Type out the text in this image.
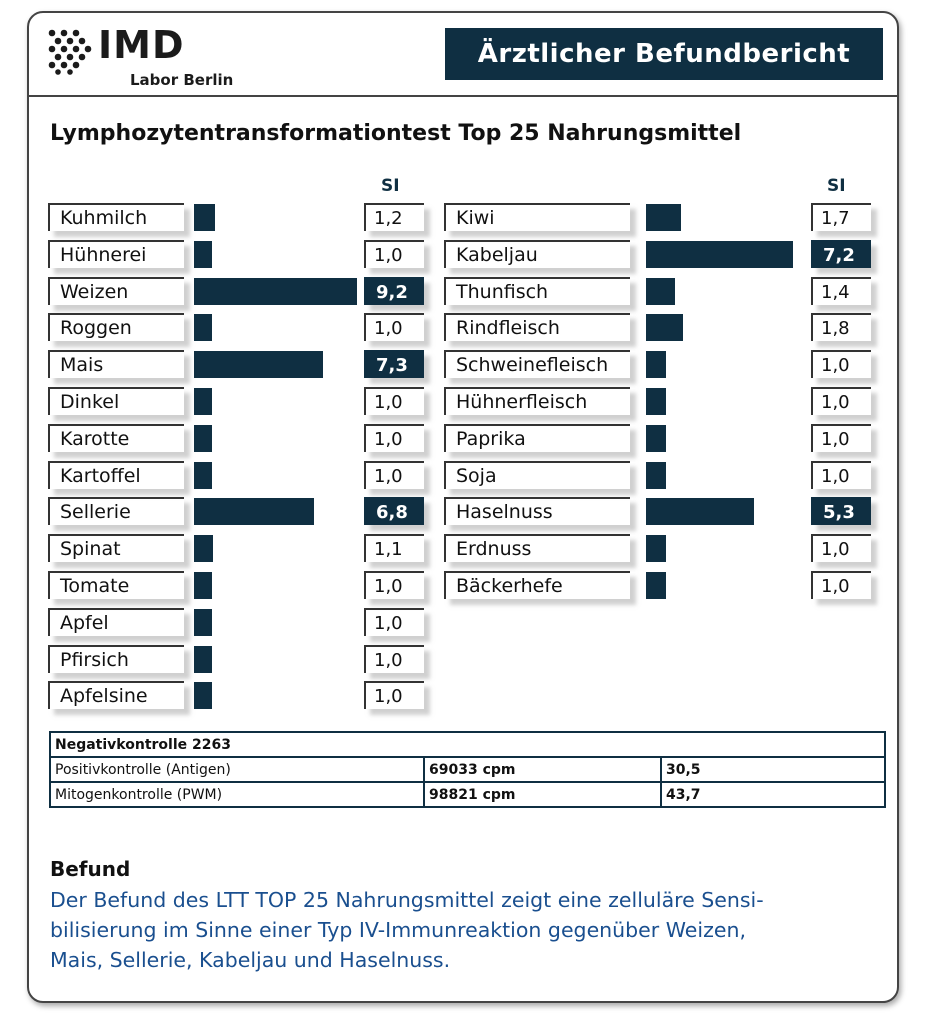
IMD
Labor Berlin
Ärztlicher Befundbericht
Lymphozytentransformationtest Top 25 Nahrungsmittel
SI	SI
Kuhmilch	1,2
Hühnerei	1,0
Weizen	9,2
Roggen	1,0
Mais	7,3
Dinkel	1,0
Karotte	1,0
Kartoffel	1,0
Sellerie	6,8
Spinat	1,1
Tomate	1,0
Apfel	1,0
Pfirsich	1,0
Apfelsine	1,0
Kiwi	1,7
Kabeljau	7,2
Thunfisch	1,4
Rindfleisch	1,8
Schweinefleisch	1,0
Hühnerfleisch	1,0
Paprika	1,0
Soja	1,0
Haselnuss	5,3
Erdnuss	1,0
Bäckerhefe	1,0
Negativkontrolle 2263		
Positivkontrolle (Antigen)	69033 cpm	30,5
Mitogenkontrolle (PWM)	98821 cpm	43,7
Befund
Der Befund des LTT TOP 25 Nahrungsmittel zeigt eine zelluläre Sensi-
bilisierung im Sinne einer Typ IV-Immunreaktion gegenüber Weizen,
Mais, Sellerie, Kabeljau und Haselnuss.
